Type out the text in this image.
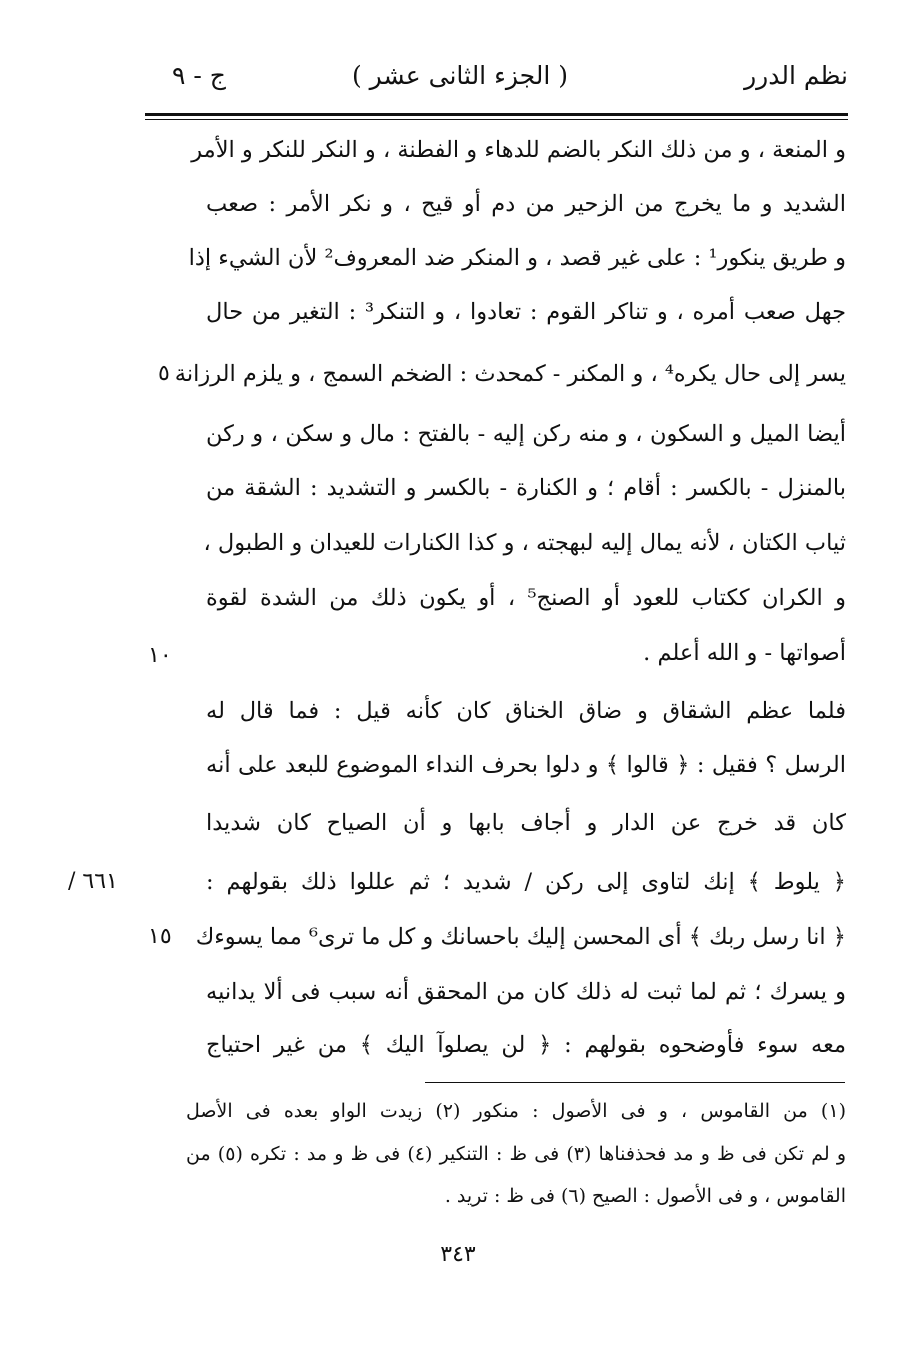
نظم الدرر
( الجزء الثانى عشر )
ج - ٩
و المنعة ، و من ذلك النكر بالضم للدهاء و الفطنة ، و النكر للنكر و الأمر
الشديد و ما يخرج من الزحير من دم أو قيح ، و نكر الأمر : صعب
و طريق ينكور¹ : على غير قصد ، و المنكر ضد المعروف² لأن الشيء إذا
جهل صعب أمره ، و تناكر القوم : تعادوا ، و التنكر³ : التغير من حال
يسر إلى حال يكره⁴ ، و المكنر - كمحدث : الضخم السمج ، و يلزم الرزانة
أيضا الميل و السكون ، و منه ركن إليه - بالفتح : مال و سكن ، و ركن
بالمنزل - بالكسر : أقام ؛ و الكنارة - بالكسر و التشديد : الشقة من
ثياب الكتان ، لأنه يمال إليه لبهجته ، و كذا الكنارات للعيدان و الطبول ،
و الكران ككتاب للعود أو الصنج⁵ ، أو يكون ذلك من الشدة لقوة
أصواتها - و الله أعلم .
فلما عظم الشقاق و ضاق الخناق كان كأنه قيل : فما قال له
الرسل ؟ فقيل : ﴿ قالوا ﴾ و دلوا بحرف النداء الموضوع للبعد على أنه
كان قد خرج عن الدار و أجاف بابها و أن الصياح كان شديدا
﴿ يلوط ﴾ إنك لتاوى إلى ركن / شديد ؛ ثم عللوا ذلك بقولهم :
﴿ انا رسل ربك ﴾ أى المحسن إليك باحسانك و كل ما ترى⁶ مما يسوءك
و يسرك ؛ ثم لما ثبت له ذلك كان من المحقق أنه سبب فى ألا يدانيه
معه سوء فأوضحوه بقولهم : ﴿ لن يصلوآ اليك ﴾ من غير احتياج
٥
١٠
١٥
/ ٦٦١
(١) من القاموس ، و فى الأصول : منكور (٢) زيدت الواو بعده فى الأصل
و لم تكن فى ظ و مد فحذفناها (٣) فى ظ : التنكير (٤) فى ظ و مد : تكره (٥) من
القاموس ، و فى الأصول : الصيح (٦) فى ظ : تريد .
٣٤٣
